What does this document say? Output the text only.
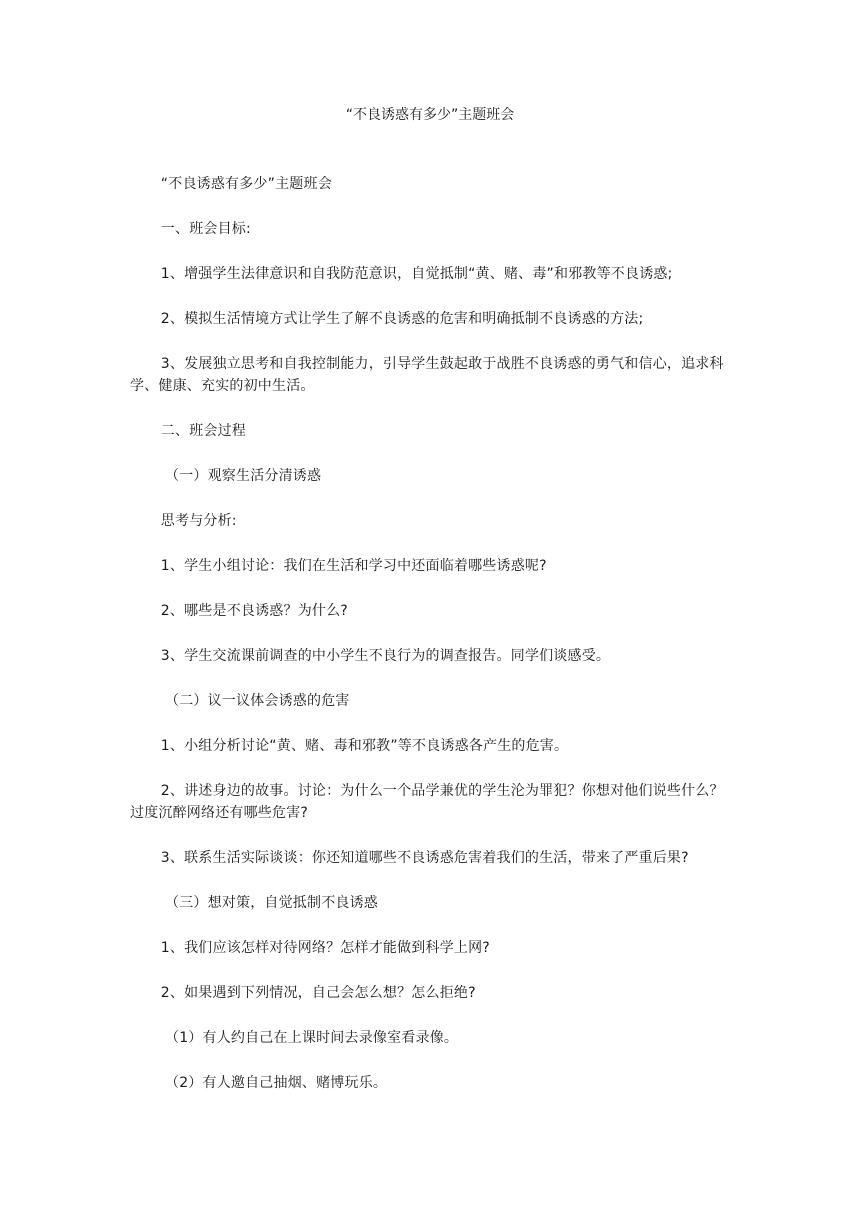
“不良诱惑有多少”主题班会

“不良诱惑有多少”主题班会

一、班会目标:

1、增强学生法律意识和自我防范意识，自觉抵制“黄、赌、毒”和邪教等不良诱惑;

2、模拟生活情境方式让学生了解不良诱惑的危害和明确抵制不良诱惑的方法;

3、发展独立思考和自我控制能力，引导学生鼓起敢于战胜不良诱惑的勇气和信心，追求科学、健康、充实的初中生活。

二、班会过程

（一）观察生活分清诱惑

思考与分析:

1、学生小组讨论：我们在生活和学习中还面临着哪些诱惑呢?

2、哪些是不良诱惑？为什么?

3、学生交流课前调查的中小学生不良行为的调查报告。同学们谈感受。

（二）议一议体会诱惑的危害

1、小组分析讨论“黄、赌、毒和邪教”等不良诱惑各产生的危害。

2、讲述身边的故事。讨论：为什么一个品学兼优的学生沦为罪犯？你想对他们说些什么？过度沉醉网络还有哪些危害?

3、联系生活实际谈谈：你还知道哪些不良诱惑危害着我们的生活，带来了严重后果?

（三）想对策，自觉抵制不良诱惑

1、我们应该怎样对待网络？怎样才能做到科学上网?

2、如果遇到下列情况，自己会怎么想？怎么拒绝?

（1）有人约自己在上课时间去录像室看录像。

（2）有人邀自己抽烟、赌博玩乐。
